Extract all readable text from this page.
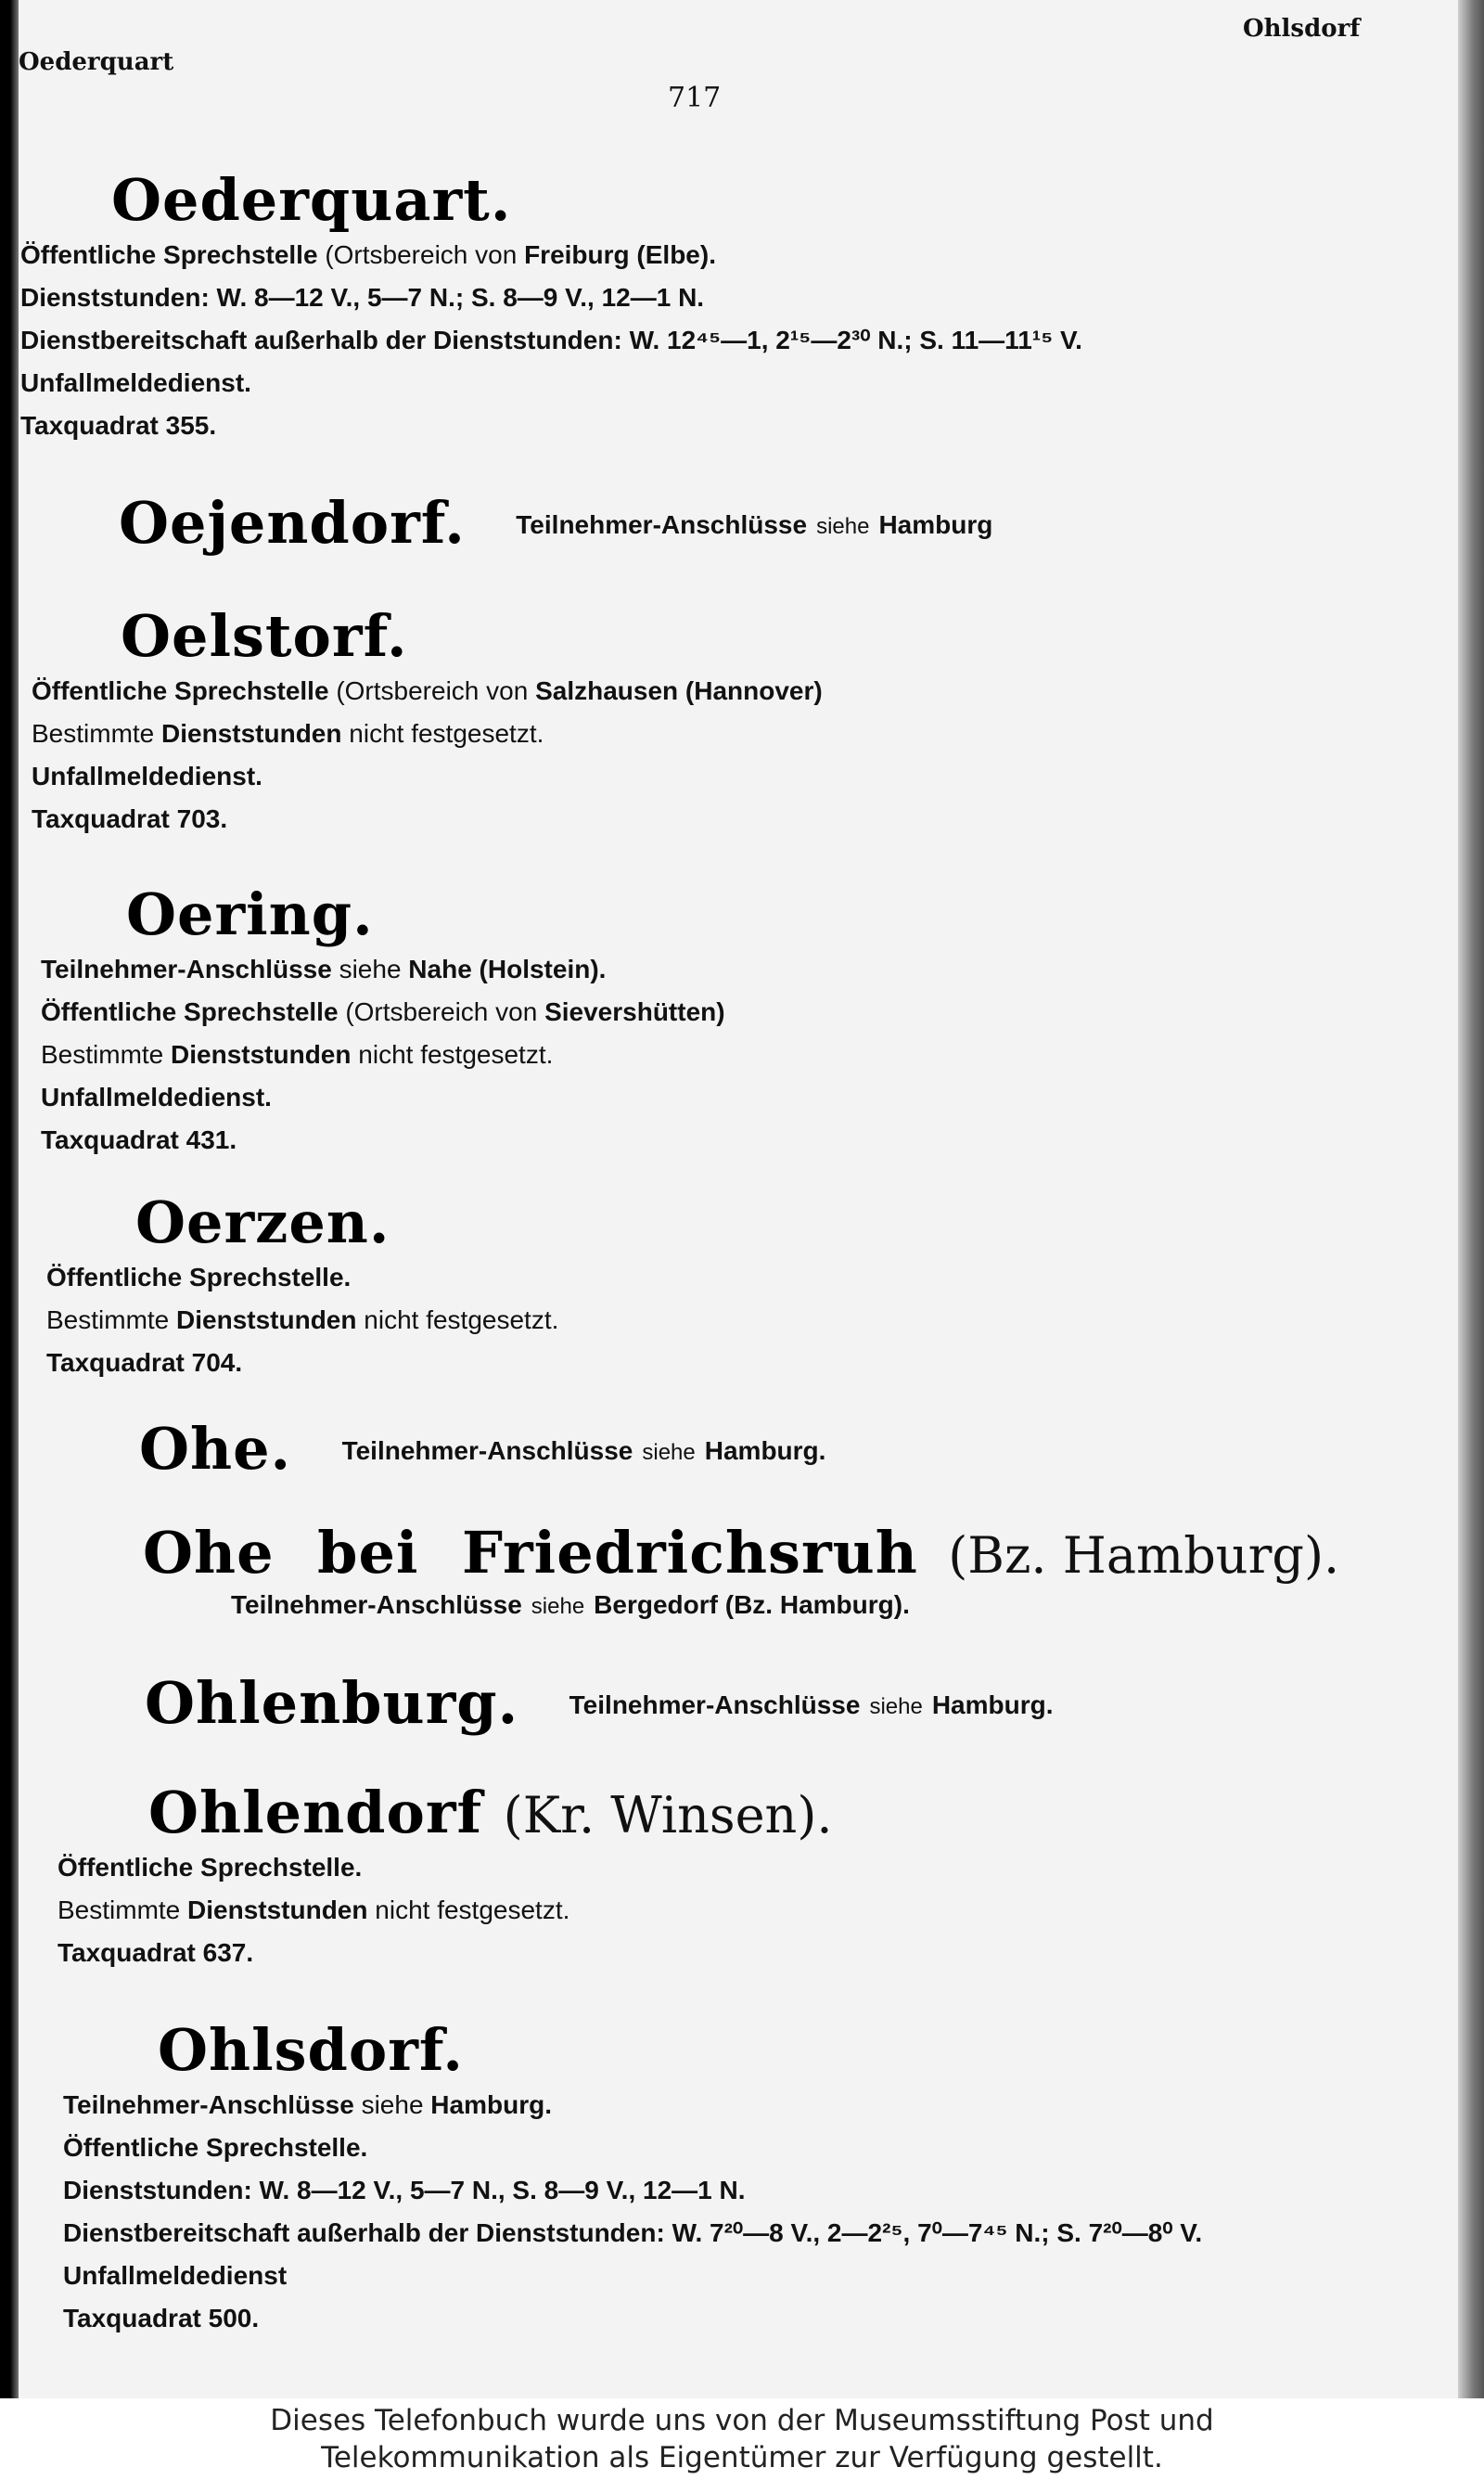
Oederquart
Ohlsdorf
717
Oederquart.
Öffentliche Sprechstelle (Ortsbereich von Freiburg (Elbe).
Dienststunden: W. 8—12 V., 5—7 N.; S. 8—9 V., 12—1 N.
Dienstbereitschaft außerhalb der Dienststunden: W. 12⁴⁵—1, 2¹⁵—2³⁰ N.; S. 11—11¹⁵ V.
Unfallmeldedienst.
Taxquadrat 355.
Oejendorf. Teilnehmer-Anschlüsse siehe Hamburg
Oelstorf.
Öffentliche Sprechstelle (Ortsbereich von Salzhausen (Hannover)
Bestimmte Dienststunden nicht festgesetzt.
Unfallmeldedienst.
Taxquadrat 703.
Oering.
Teilnehmer-Anschlüsse siehe Nahe (Holstein).
Öffentliche Sprechstelle (Ortsbereich von Sievershütten)
Bestimmte Dienststunden nicht festgesetzt.
Unfallmeldedienst.
Taxquadrat 431.
Oerzen.
Öffentliche Sprechstelle.
Bestimmte Dienststunden nicht festgesetzt.
Taxquadrat 704.
Ohe. Teilnehmer-Anschlüsse siehe Hamburg.
Ohe bei Friedrichsruh (Bz. Hamburg).
Teilnehmer-Anschlüsse siehe Bergedorf (Bz. Hamburg).
Ohlenburg. Teilnehmer-Anschlüsse siehe Hamburg.
Ohlendorf (Kr. Winsen).
Öffentliche Sprechstelle.
Bestimmte Dienststunden nicht festgesetzt.
Taxquadrat 637.
Ohlsdorf.
Teilnehmer-Anschlüsse siehe Hamburg.
Öffentliche Sprechstelle.
Dienststunden: W. 8—12 V., 5—7 N., S. 8—9 V., 12—1 N.
Dienstbereitschaft außerhalb der Dienststunden: W. 7²⁰—8 V., 2—2²⁵, 7⁰—7⁴⁵ N.; S. 7²⁰—8⁰ V.
Unfallmeldedienst
Taxquadrat 500.
Dieses Telefonbuch wurde uns von der Museumsstiftung Post und
Telekommunikation als Eigentümer zur Verfügung gestellt.
